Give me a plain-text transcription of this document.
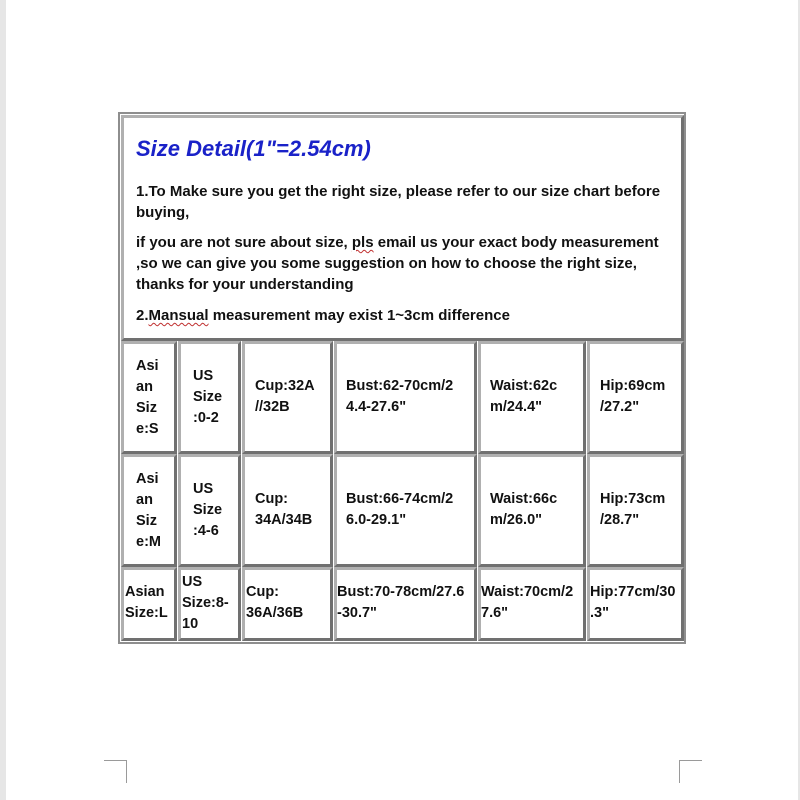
Size Detail(1"=2.54cm)
1.To Make sure you get the right size, please refer to our size chart before buying,
if you are not sure about size, pls email us your exact body measurement ,so we can give you some suggestion on how to choose the right size, thanks for your understanding
2.Mansual measurement may exist 1~3cm difference
Asi
an
Siz
e:S
US
Size
:0-2
Cup:32A
//32B
Bust:62-70cm/2
4.4-27.6"
Waist:62c
m/24.4"
Hip:69cm
/27.2"
Asi
an
Siz
e:M
US
Size
:4-6
Cup:
34A/34B
Bust:66-74cm/2
6.0-29.1"
Waist:66c
m/26.0"
Hip:73cm
/28.7"
Asian
Size:L
US
Size:8-
10
Cup:
36A/36B
Bust:70-78cm/27.6
-30.7"
Waist:70cm/2
7.6"
Hip:77cm/30
.3"
